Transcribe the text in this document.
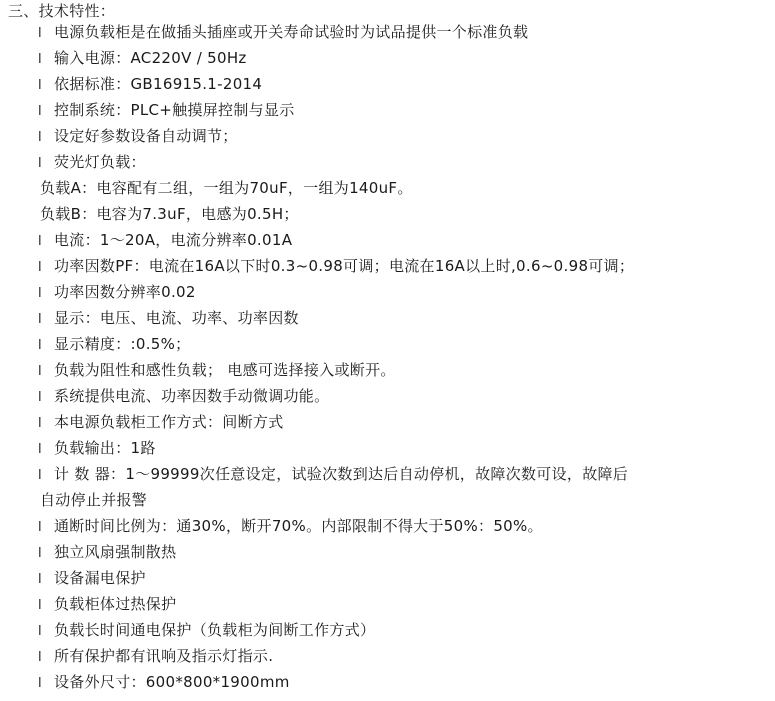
三、技术特性：
l 电源负载柜是在做插头插座或开关寿命试验时为试品提供一个标准负载
l 输入电源：AC220V / 50Hz
l 依据标准：GB16915.1-2014
l 控制系统：PLC+触摸屏控制与显示
l 设定好参数设备自动调节；
l 荧光灯负载：
负载A：电容配有二组，一组为70uF，一组为140uF。
负载B：电容为7.3uF，电感为0.5H；
l 电流：1～20A，电流分辨率0.01A
l 功率因数PF：电流在16A以下时0.3~0.98可调；电流在16A以上时,0.6~0.98可调；
l 功率因数分辨率0.02
l 显示：电压、电流、功率、功率因数
l 显示精度：:0.5%；
l 负载为阻性和感性负载； 电感可选择接入或断开。
l 系统提供电流、功率因数手动微调功能。
l 本电源负载柜工作方式：间断方式
l 负载输出：1路
l 计 数 器：1～99999次任意设定，试验次数到达后自动停机，故障次数可设，故障后
自动停止并报警
l 通断时间比例为：通30%，断开70%。内部限制不得大于50%：50%。
l 独立风扇强制散热
l 设备漏电保护
l 负载柜体过热保护
l 负载长时间通电保护（负载柜为间断工作方式）
l 所有保护都有讯响及指示灯指示.
l 设备外尺寸：600*800*1900mm
